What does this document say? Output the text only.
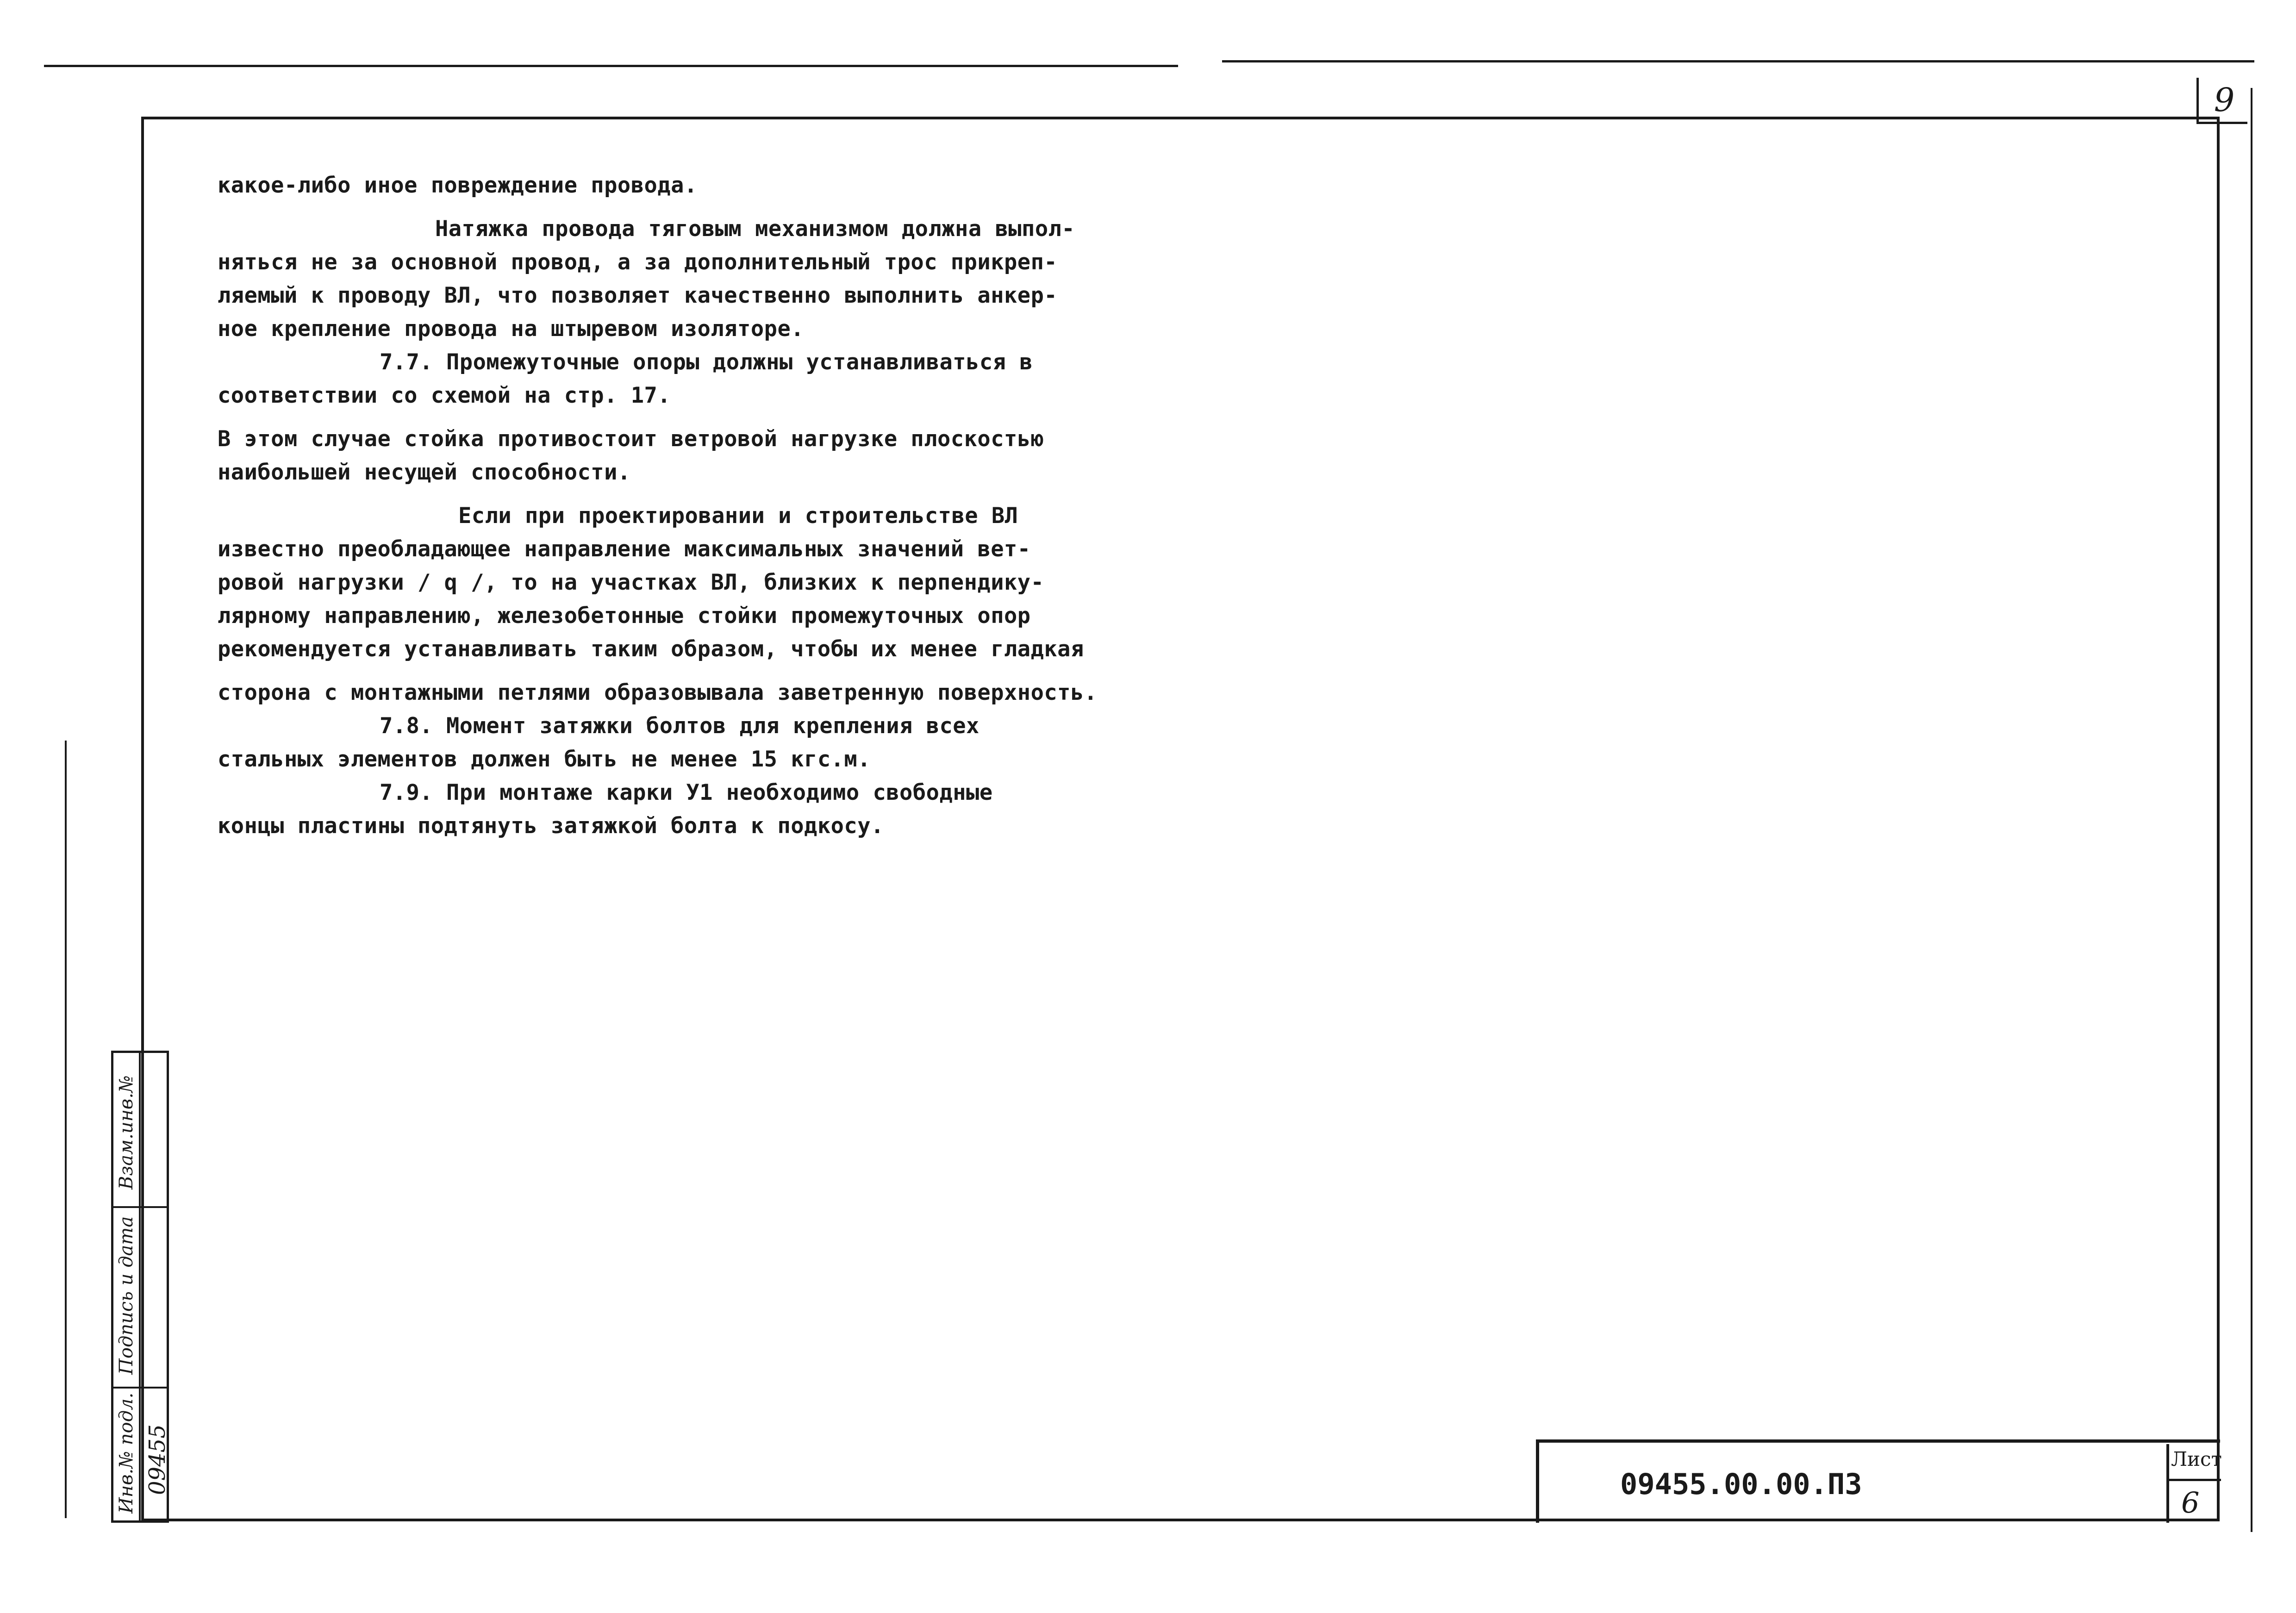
9
какое-либо иное повреждение провода.
Натяжка провода тяговым механизмом должна выпол-
няться не за основной провод, а за дополнительный трос прикреп-
ляемый к проводу ВЛ, что позволяет качественно выполнить анкер-
ное крепление провода на штыревом изоляторе.
7.7. Промежуточные опоры должны устанавливаться в
соответствии со схемой на стр. 17.
В этом случае стойка противостоит ветровой нагрузке плоскостью
наибольшей несущей способности.
Если при проектировании и строительстве ВЛ
известно преобладающее направление максимальных значений вет-
ровой нагрузки / q /, то на участках ВЛ, близких к перпендику-
лярному направлению, железобетонные стойки промежуточных опор
рекомендуется устанавливать таким образом, чтобы их менее гладкая
сторона с монтажными петлями образовывала заветренную поверхность.
7.8. Момент затяжки болтов для крепления всех
стальных элементов должен быть не менее 15 кгс.м.
7.9. При монтаже карки У1 необходимо свободные
концы пластины подтянуть затяжкой болта к подкосу.
Взам.инв.№
Подпись и дата
Инв.№ подл. 09455	09455.00.00.ПЗ
Лист
6
